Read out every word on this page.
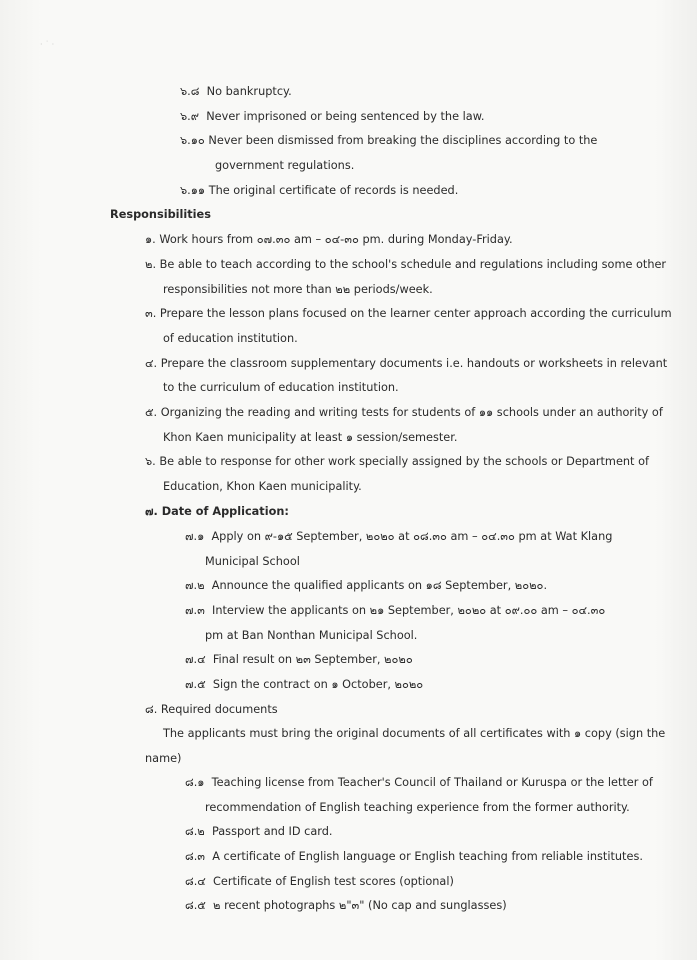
· ˙ ·
๖.๘ No bankruptcy.
๖.๙ Never imprisoned or being sentenced by the law.
๖.๑๐ Never been dismissed from breaking the disciplines according to the
government regulations.
๖.๑๑ The original certificate of records is needed.
Responsibilities
๑. Work hours from ๐๗.๓๐ am – ๐๔-๓๐ pm. during Monday-Friday.
๒. Be able to teach according to the school's schedule and regulations including some other
responsibilities not more than ๒๒ periods/week.
๓. Prepare the lesson plans focused on the learner center approach according the curriculum
of education institution.
๔. Prepare the classroom supplementary documents i.e. handouts or worksheets in relevant
to the curriculum of education institution.
๕. Organizing the reading and writing tests for students of ๑๑ schools under an authority of
Khon Kaen municipality at least ๑ session/semester.
๖. Be able to response for other work specially assigned by the schools or Department of
Education, Khon Kaen municipality.
๗. Date of Application:
๗.๑ Apply on ๙-๑๕ September, ๒๐๒๐ at ๐๘.๓๐ am – ๐๔.๓๐ pm at Wat Klang
Municipal School
๗.๒ Announce the qualified applicants on ๑๘ September, ๒๐๒๐.
๗.๓ Interview the applicants on ๒๑ September, ๒๐๒๐ at ๐๙.๐๐ am – ๐๔.๓๐
pm at Ban Nonthan Municipal School.
๗.๔ Final result on ๒๓ September, ๒๐๒๐
๗.๕ Sign the contract on ๑ October, ๒๐๒๐
๘. Required documents
The applicants must bring the original documents of all certificates with ๑ copy (sign the
name)
๘.๑ Teaching license from Teacher's Council of Thailand or Kuruspa or the letter of
recommendation of English teaching experience from the former authority.
๘.๒ Passport and ID card.
๘.๓ A certificate of English language or English teaching from reliable institutes.
๘.๔ Certificate of English test scores (optional)
๘.๕ ๒ recent photographs ๒"๓" (No cap and sunglasses)
